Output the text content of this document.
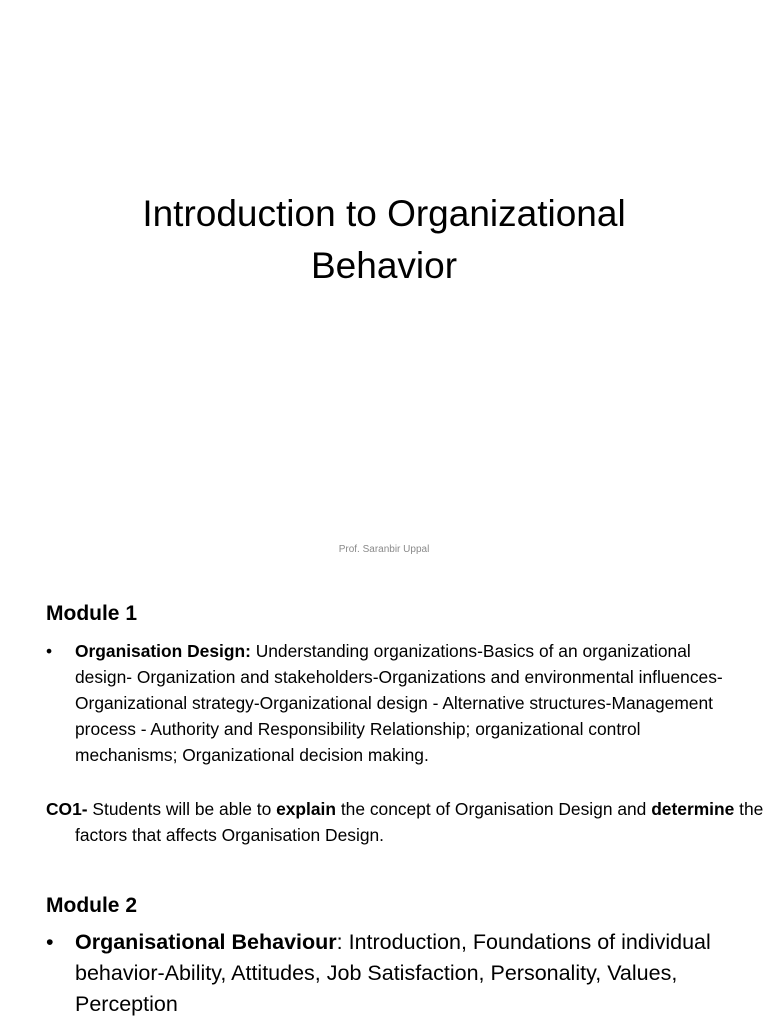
Introduction to Organizational Behavior
Prof. Saranbir Uppal
Module 1
• Organisation Design: Understanding organizations-Basics of an organizational design- Organization and stakeholders-Organizations and environmental influences-Organizational strategy-Organizational design - Alternative structures-Management process - Authority and Responsibility Relationship; organizational control mechanisms; Organizational decision making.

CO1- Students will be able to explain the concept of Organisation Design and determine the factors that affects Organisation Design.

Module 2
• Organisational Behaviour: Introduction, Foundations of individual behavior-Ability, Attitudes, Job Satisfaction, Personality, Values, Perception
